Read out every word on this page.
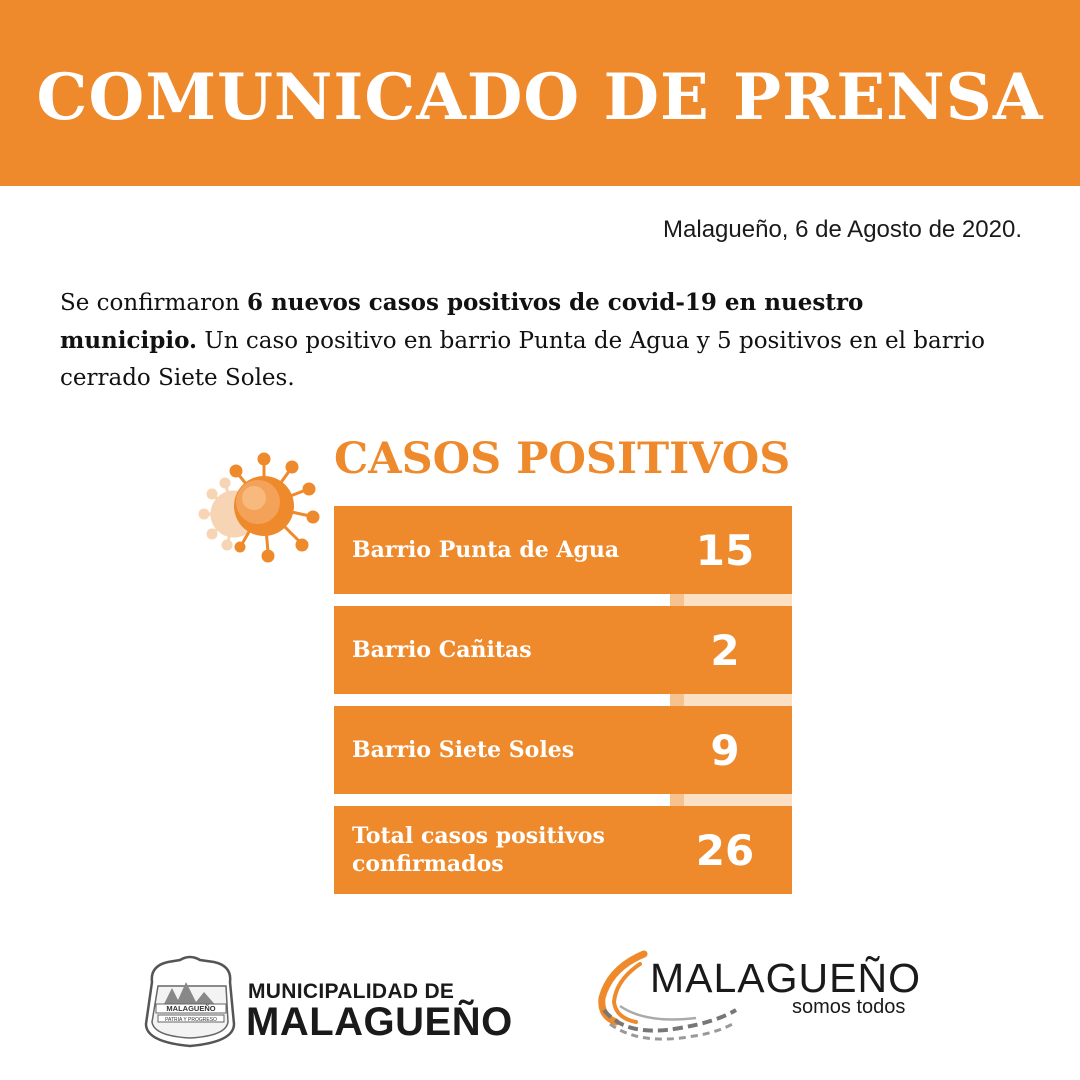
COMUNICADO DE PRENSA
Malagueño, 6 de Agosto de 2020.

Se confirmaron 6 nuevos casos positivos de covid-19 en nuestro municipio. Un caso positivo en barrio Punta de Agua y 5 positivos en el barrio cerrado Siete Soles.

CASOS POSITIVOS
Barrio Punta de Agua	15
Barrio Cañitas	2
Barrio Siete Soles	9
Total casos positivos confirmados	26
MALAGUEÑO
PATRIA Y PROGRESO
MUNICIPALIDAD DE
MALAGUEÑO
MALAGUEÑO
somos todos
